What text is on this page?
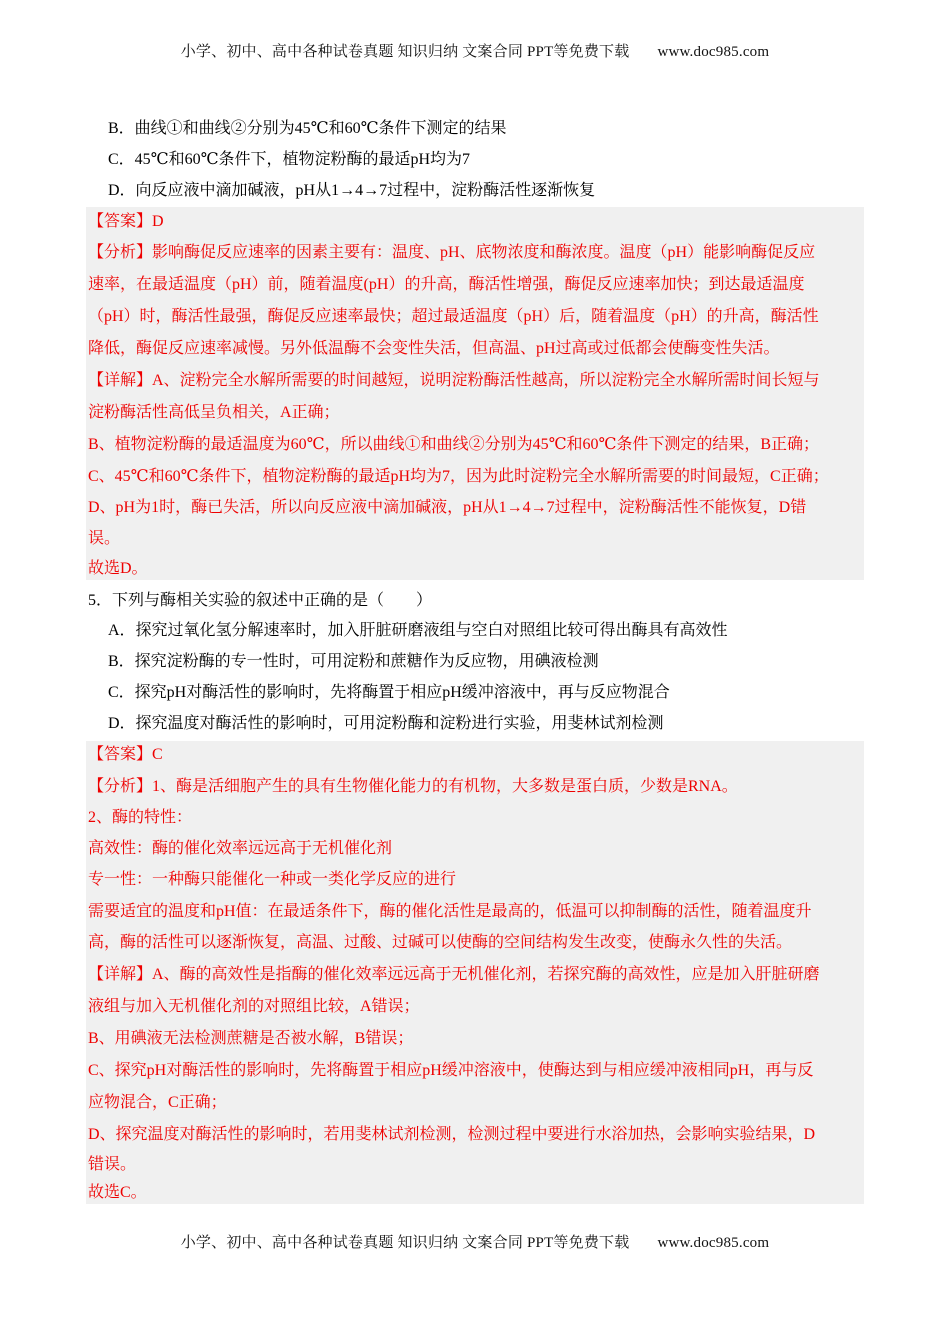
小学、初中、高中各种试卷真题 知识归纳 文案合同 PPT等免费下载 www.doc985.com
B．曲线①和曲线②分别为45℃和60℃条件下测定的结果
C．45℃和60℃条件下，植物淀粉酶的最适pH均为7
D．向反应液中滴加碱液，pH从1→4→7过程中，淀粉酶活性逐渐恢复
【答案】D
【分析】影响酶促反应速率的因素主要有：温度、pH、底物浓度和酶浓度。温度（pH）能影响酶促反应
速率，在最适温度（pH）前，随着温度(pH）的升高，酶活性增强，酶促反应速率加快；到达最适温度
（pH）时，酶活性最强，酶促反应速率最快；超过最适温度（pH）后，随着温度（pH）的升高，酶活性
降低，酶促反应速率减慢。另外低温酶不会变性失活，但高温、pH过高或过低都会使酶变性失活。
【详解】A、淀粉完全水解所需要的时间越短，说明淀粉酶活性越高，所以淀粉完全水解所需时间长短与
淀粉酶活性高低呈负相关，A正确；
B、植物淀粉酶的最适温度为60℃，所以曲线①和曲线②分别为45℃和60℃条件下测定的结果，B正确；
C、45℃和60℃条件下，植物淀粉酶的最适pH均为7，因为此时淀粉完全水解所需要的时间最短，C正确；
D、pH为1时，酶已失活，所以向反应液中滴加碱液，pH从1→4→7过程中，淀粉酶活性不能恢复，D错
误。
故选D。
5．下列与酶相关实验的叙述中正确的是（　　）
A．探究过氧化氢分解速率时，加入肝脏研磨液组与空白对照组比较可得出酶具有高效性
B．探究淀粉酶的专一性时，可用淀粉和蔗糖作为反应物，用碘液检测
C．探究pH对酶活性的影响时，先将酶置于相应pH缓冲溶液中，再与反应物混合
D．探究温度对酶活性的影响时，可用淀粉酶和淀粉进行实验，用斐林试剂检测
【答案】C
【分析】1、酶是活细胞产生的具有生物催化能力的有机物，大多数是蛋白质，少数是RNA。
2、酶的特性：
高效性：酶的催化效率远远高于无机催化剂
专一性：一种酶只能催化一种或一类化学反应的进行
需要适宜的温度和pH值：在最适条件下，酶的催化活性是最高的，低温可以抑制酶的活性，随着温度升
高，酶的活性可以逐渐恢复，高温、过酸、过碱可以使酶的空间结构发生改变，使酶永久性的失活。
【详解】A、酶的高效性是指酶的催化效率远远高于无机催化剂，若探究酶的高效性，应是加入肝脏研磨
液组与加入无机催化剂的对照组比较，A错误；
B、用碘液无法检测蔗糖是否被水解，B错误；
C、探究pH对酶活性的影响时，先将酶置于相应pH缓冲溶液中，使酶达到与相应缓冲液相同pH，再与反
应物混合，C正确；
D、探究温度对酶活性的影响时，若用斐林试剂检测，检测过程中要进行水浴加热，会影响实验结果，D
错误。
故选C。
小学、初中、高中各种试卷真题 知识归纳 文案合同 PPT等免费下载 www.doc985.com
